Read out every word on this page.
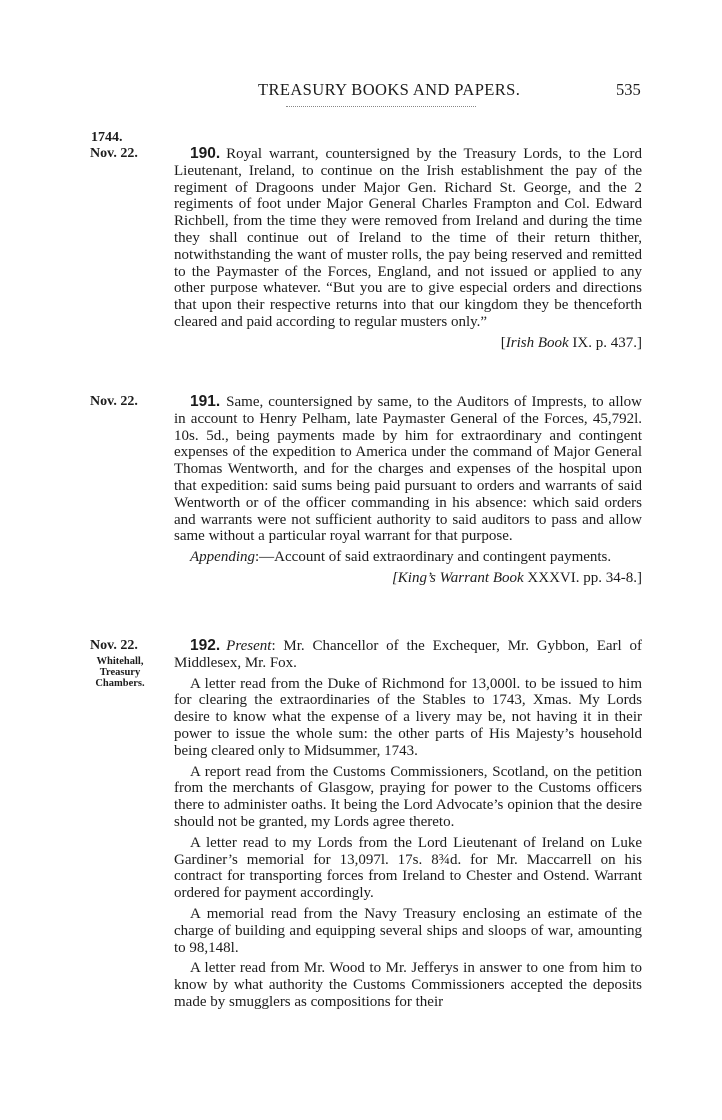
TREASURY BOOKS AND PAPERS.	535
1744.
Nov. 22.	190. Royal warrant, countersigned by the Treasury Lords, to the Lord Lieutenant, Ireland, to continue on the Irish establishment the pay of the regiment of Dragoons under Major Gen. Richard St. George, and the 2 regiments of foot under Major General Charles Frampton and Col. Edward Richbell, from the time they were removed from Ireland and during the time they shall continue out of Ireland to the time of their return thither, notwithstanding the want of muster rolls, the pay being reserved and remitted to the Paymaster of the Forces, England, and not issued or applied to any other purpose whatever. “But you are to give especial orders and directions that upon their respective returns into that our kingdom they be thenceforth cleared and paid according to regular musters only.”

[Irish Book IX. p. 437.]

Nov. 22.	191. Same, countersigned by same, to the Auditors of Imprests, to allow in account to Henry Pelham, late Paymaster General of the Forces, 45,792l. 10s. 5d., being payments made by him for extraordinary and contingent expenses of the expedition to America under the command of Major General Thomas Wentworth, and for the charges and expenses of the hospital upon that expedition: said sums being paid pursuant to orders and warrants of said Wentworth or of the officer commanding in his absence: which said orders and warrants were not sufficient authority to said auditors to pass and allow same without a particular royal warrant for that purpose.

Appending:—Account of said extraordinary and contingent payments.

[King’s Warrant Book XXXVI. pp. 34-8.]

Nov. 22.
Whitehall, Treasury Chambers.

192. Present: Mr. Chancellor of the Exchequer, Mr. Gybbon, Earl of Middlesex, Mr. Fox.

A letter read from the Duke of Richmond for 13,000l. to be issued to him for clearing the extraordinaries of the Stables to 1743, Xmas. My Lords desire to know what the expense of a livery may be, not having it in their power to issue the whole sum: the other parts of His Majesty’s household being cleared only to Midsummer, 1743.

A report read from the Customs Commissioners, Scotland, on the petition from the merchants of Glasgow, praying for power to the Customs officers there to administer oaths. It being the Lord Advocate’s opinion that the desire should not be granted, my Lords agree thereto.

A letter read to my Lords from the Lord Lieutenant of Ireland on Luke Gardiner’s memorial for 13,097l. 17s. 8¾d. for Mr. Maccarrell on his contract for transporting forces from Ireland to Chester and Ostend. Warrant ordered for payment accordingly.

A memorial read from the Navy Treasury enclosing an estimate of the charge of building and equipping several ships and sloops of war, amounting to 98,148l.

A letter read from Mr. Wood to Mr. Jefferys in answer to one from him to know by what authority the Customs Commissioners accepted the deposits made by smugglers as compositions for their
